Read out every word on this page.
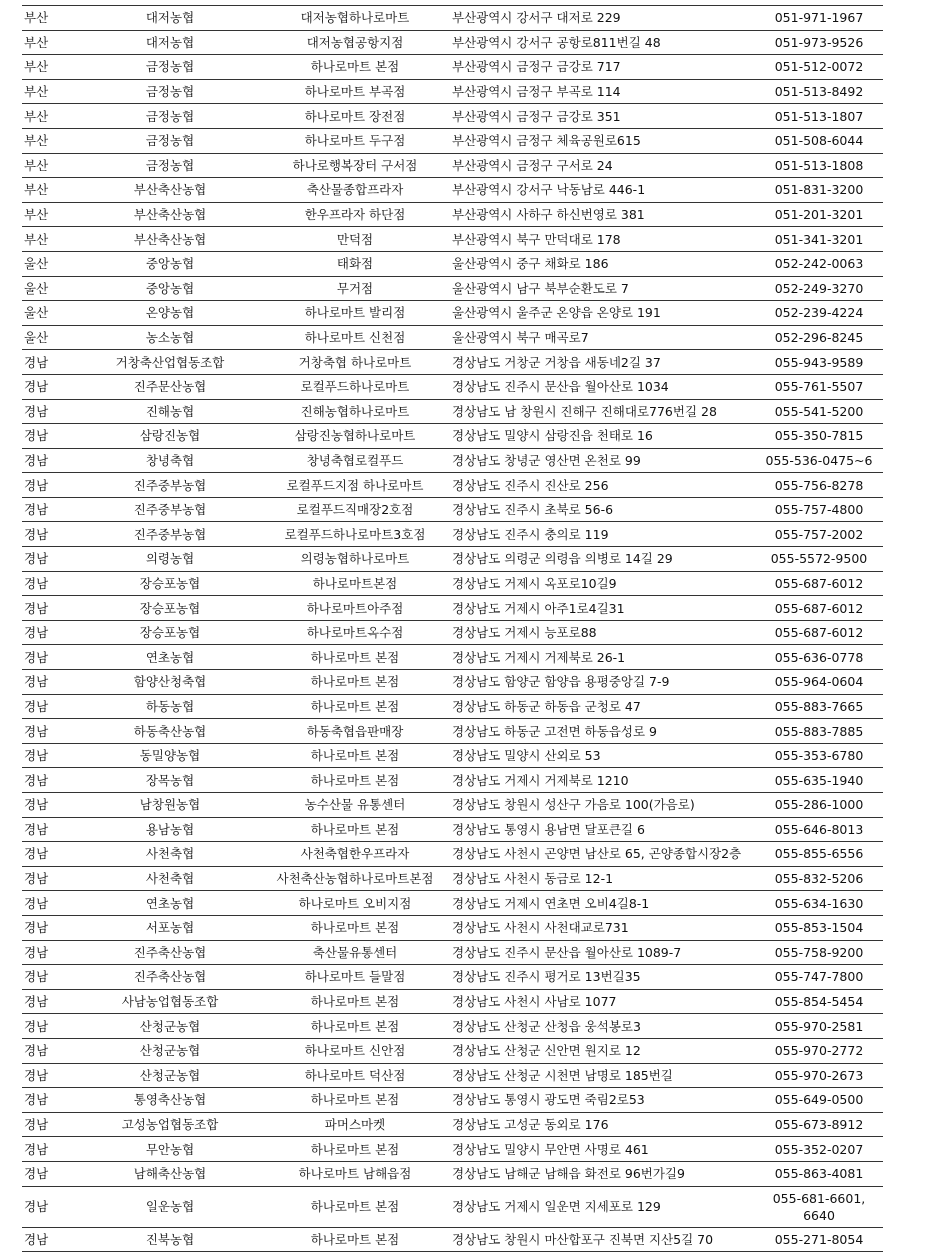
부산	대저농협	대저농협하나로마트	부산광역시 강서구 대저로 229	051-971-1967
부산	대저농협	대저농협공항지점	부산광역시 강서구 공항로811번길 48	051-973-9526
부산	금정농협	하나로마트 본점	부산광역시 금정구 금강로 717	051-512-0072
부산	금정농협	하나로마트 부곡점	부산광역시 금정구 부곡로 114	051-513-8492
부산	금정농협	하나로마트 장전점	부산광역시 금정구 금강로 351	051-513-1807
부산	금정농협	하나로마트 두구점	부산광역시 금정구 체육공원로615	051-508-6044
부산	금정농협	하나로행복장터 구서점	부산광역시 금정구 구서로 24	051-513-1808
부산	부산축산농협	축산물종합프라자	부산광역시 강서구 낙동남로 446-1	051-831-3200
부산	부산축산농협	한우프라자 하단점	부산광역시 사하구 하신번영로 381	051-201-3201
부산	부산축산농협	만덕점	부산광역시 북구 만덕대로 178	051-341-3201
울산	중앙농협	태화점	울산광역시 중구 채화로 186	052-242-0063
울산	중앙농협	무거점	울산광역시 남구 북부순환도로 7	052-249-3270
울산	온양농협	하나로마트 발리점	울산광역시 울주군 온양읍 온양로 191	052-239-4224
울산	농소농협	하나로마트 신천점	울산광역시 북구 매곡로7	052-296-8245
경남	거창축산업협동조합	거창축협 하나로마트	경상남도 거창군 거창읍 새동네2길 37	055-943-9589
경남	진주문산농협	로컬푸드하나로마트	경상남도 진주시 문산읍 월아산로 1034	055-761-5507
경남	진해농협	진해농협하나로마트	경상남도 남 창원시 진해구 진해대로776번길 28	055-541-5200
경남	삼랑진농협	삼랑진농협하나로마트	경상남도 밀양시 삼랑진읍 천태로 16	055-350-7815
경남	창녕축협	창녕축협로컬푸드	경상남도 창녕군 영산면 온천로 99	055-536-0475~6
경남	진주중부농협	로컬푸드지점 하나로마트	경상남도 진주시 진산로 256	055-756-8278
경남	진주중부농협	로컬푸드직매장2호점	경상남도 진주시 초북로 56-6	055-757-4800
경남	진주중부농협	로컬푸드하나로마트3호점	경상남도 진주시 충의로 119	055-757-2002
경남	의령농협	의령농협하나로마트	경상남도 의령군 의령읍 의병로 14길 29	055-5572-9500
경남	장승포농협	하나로마트본점	경상남도 거제시 옥포로10길9	055-687-6012
경남	장승포농협	하나로마트아주점	경상남도 거제시 아주1로4길31	055-687-6012
경남	장승포농협	하나로마트옥수점	경상남도 거제시 능포로88	055-687-6012
경남	연초농협	하나로마트 본점	경상남도 거제시 거제북로 26-1	055-636-0778
경남	함양산청축협	하나로마트 본점	경상남도 함양군 함양읍 용평중앙길 7-9	055-964-0604
경남	하동농협	하나로마트 본점	경상남도 하동군 하동읍 군청로 47	055-883-7665
경남	하동축산농협	하동축협읍판매장	경상남도 하동군 고전면 하동읍성로 9	055-883-7885
경남	동밀양농협	하나로마트 본점	경상남도 밀양시 산외로 53	055-353-6780
경남	장목농협	하나로마트 본점	경상남도 거제시 거제북로 1210	055-635-1940
경남	남창원농협	농수산물 유통센터	경상남도 창원시 성산구 가음로 100(가음로)	055-286-1000
경남	용남농협	하나로마트 본점	경상남도 통영시 용남면 달포큰길 6	055-646-8013
경남	사천축협	사천축협한우프라자	경상남도 사천시 곤양면 남산로 65, 곤양종합시장2층	055-855-6556
경남	사천축협	사천축산농협하나로마트본점	경상남도 사천시 동금로 12-1	055-832-5206
경남	연초농협	하나로마트 오비지점	경상남도 거제시 연초면 오비4길8-1	055-634-1630
경남	서포농협	하나로마트 본점	경상남도 사천시 사천대교로731	055-853-1504
경남	진주축산농협	축산물유통센터	경상남도 진주시 문산읍 월아산로 1089-7	055-758-9200
경남	진주축산농협	하나로마트 들말점	경상남도 진주시 평거로 13번길35	055-747-7800
경남	사남농업협동조합	하나로마트 본점	경상남도 사천시 사남로 1077	055-854-5454
경남	산청군농협	하나로마트 본점	경상남도 산청군 산청읍 웅석봉로3	055-970-2581
경남	산청군농협	하나로마트 신안점	경상남도 산청군 신안면 원지로 12	055-970-2772
경남	산청군농협	하나로마트 덕산점	경상남도 산청군 시천면 남명로 185번길	055-970-2673
경남	통영축산농협	하나로마트 본점	경상남도 통영시 광도면 죽림2로53	055-649-0500
경남	고성농업협동조합	파머스마켓	경상남도 고성군 동외로 176	055-673-8912
경남	무안농협	하나로마트 본점	경상남도 밀양시 무안면 사명로 461	055-352-0207
경남	남해축산농협	하나로마트 남해읍점	경상남도 남해군 남해읍 화전로 96번가길9	055-863-4081
경남	일운농협	하나로마트 본점	경상남도 거제시 일운면 지세포로 129	055-681-6601, 6640
경남	진북농협	하나로마트 본점	경상남도 창원시 마산합포구 진북면 지산5길 70	055-271-8054
